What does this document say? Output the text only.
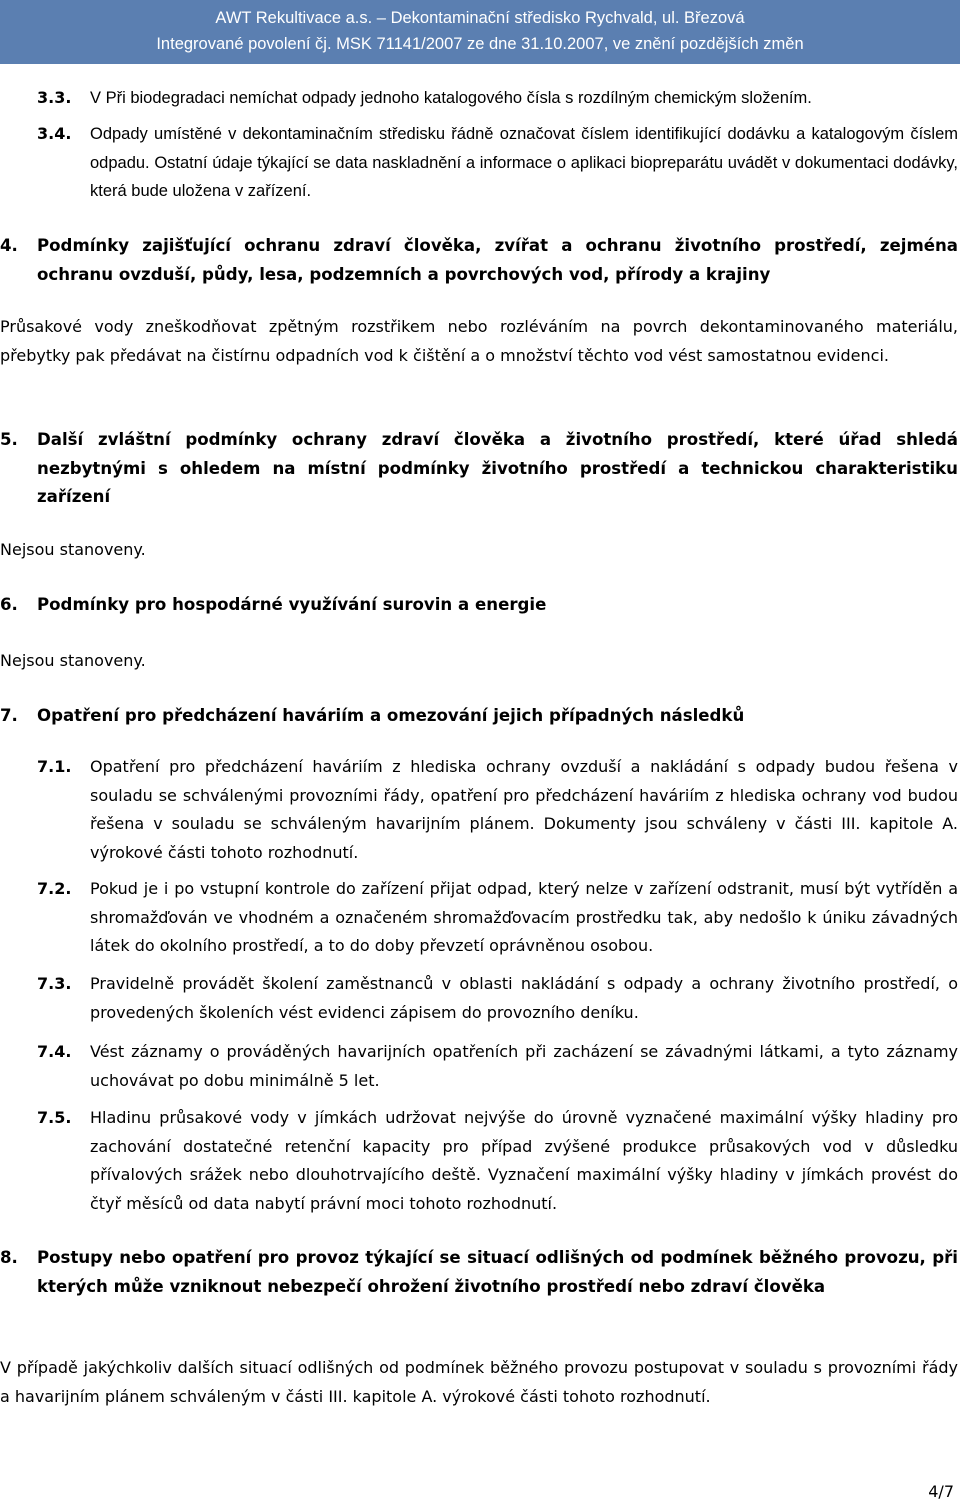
AWT Rekultivace a.s. – Dekontaminační středisko Rychvald, ul. Březová
Integrované povolení čj. MSK 71141/2007 ze dne 31.10.2007, ve znění pozdějších změn

3.3. V Při biodegradaci nemíchat odpady jednoho katalogového čísla s rozdílným chemickým složením.

3.4. Odpady umístěné v dekontaminačním středisku řádně označovat číslem identifikující dodávku a katalogovým číslem odpadu. Ostatní údaje týkající se data naskladnění a informace o aplikaci biopreparátu uvádět v dokumentaci dodávky, která bude uložena v zařízení.

4. Podmínky zajišťující ochranu zdraví člověka, zvířat a ochranu životního prostředí, zejména ochranu ovzduší, půdy, lesa, podzemních a povrchových vod, přírody a krajiny

Průsakové vody zneškodňovat zpětným rozstřikem nebo rozléváním na povrch dekontaminovaného materiálu, přebytky pak předávat na čistírnu odpadních vod k čištění a o množství těchto vod vést samostatnou evidenci.

5. Další zvláštní podmínky ochrany zdraví člověka a životního prostředí, které úřad shledá nezbytnými s ohledem na místní podmínky životního prostředí a technickou charakteristiku zařízení

Nejsou stanoveny.

6. Podmínky pro hospodárné využívání surovin a energie

Nejsou stanoveny.

7. Opatření pro předcházení haváriím a omezování jejich případných následků

7.1. Opatření pro předcházení haváriím z hlediska ochrany ovzduší a nakládání s odpady budou řešena v souladu se schválenými provozními řády, opatření pro předcházení haváriím z hlediska ochrany vod budou řešena v souladu se schváleným havarijním plánem. Dokumenty jsou schváleny v části III. kapitole A. výrokové části tohoto rozhodnutí.

7.2. Pokud je i po vstupní kontrole do zařízení přijat odpad, který nelze v zařízení odstranit, musí být vytříděn a shromažďován ve vhodném a označeném shromažďovacím prostředku tak, aby nedošlo k úniku závadných látek do okolního prostředí, a to do doby převzetí oprávněnou osobou.

7.3. Pravidelně provádět školení zaměstnanců v oblasti nakládání s odpady a ochrany životního prostředí, o provedených školeních vést evidenci zápisem do provozního deníku.

7.4. Vést záznamy o prováděných havarijních opatřeních při zacházení se závadnými látkami, a tyto záznamy uchovávat po dobu minimálně 5 let.

7.5. Hladinu průsakové vody v jímkách udržovat nejvýše do úrovně vyznačené maximální výšky hladiny pro zachování dostatečné retenční kapacity pro případ zvýšené produkce průsakových vod v důsledku přívalových srážek nebo dlouhotrvajícího deště. Vyznačení maximální výšky hladiny v jímkách provést do čtyř měsíců od data nabytí právní moci tohoto rozhodnutí.

8. Postupy nebo opatření pro provoz týkající se situací odlišných od podmínek běžného provozu, při kterých může vzniknout nebezpečí ohrožení životního prostředí nebo zdraví člověka

V případě jakýchkoliv dalších situací odlišných od podmínek běžného provozu postupovat v souladu s provozními řády a havarijním plánem schváleným v části III. kapitole A. výrokové části tohoto rozhodnutí.

4/7
